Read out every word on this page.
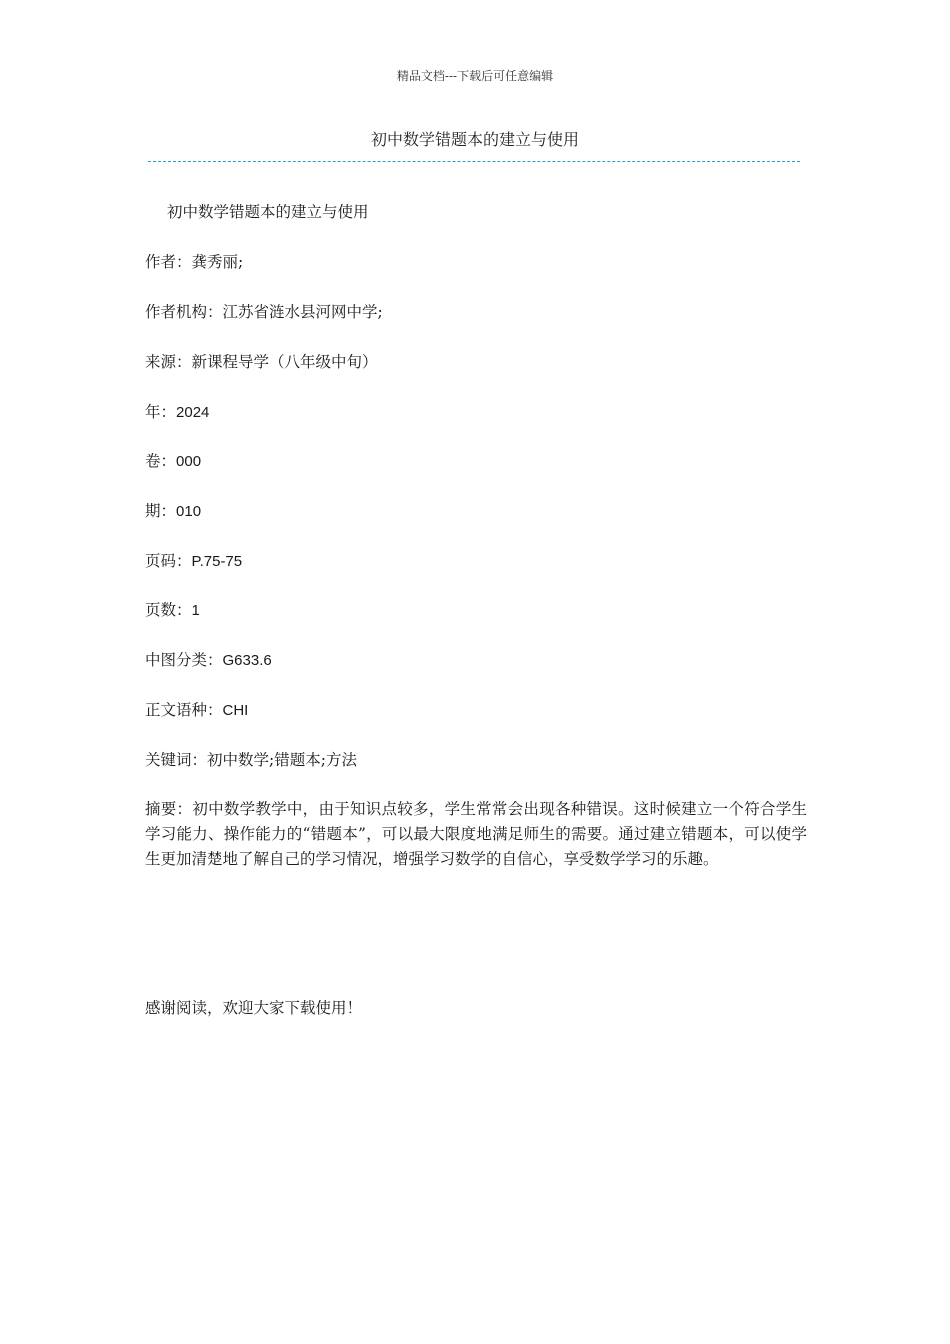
精品文档---下载后可任意编辑
初中数学错题本的建立与使用
初中数学错题本的建立与使用
作者：龚秀丽;
作者机构：江苏省涟水县河网中学;
来源：新课程导学（八年级中旬）
年：2024
卷：000
期：010
页码：P.75-75
页数：1
中图分类：G633.6
正文语种：CHI
关键词：初中数学;错题本;方法
摘要：初中数学教学中，由于知识点较多，学生常常会出现各种错误。这时候建立一个符合学生学习能力、操作能力的“错题本”，可以最大限度地满足师生的需要。通过建立错题本，可以使学生更加清楚地了解自己的学习情况，增强学习数学的自信心，享受数学学习的乐趣。
感谢阅读，欢迎大家下载使用！
